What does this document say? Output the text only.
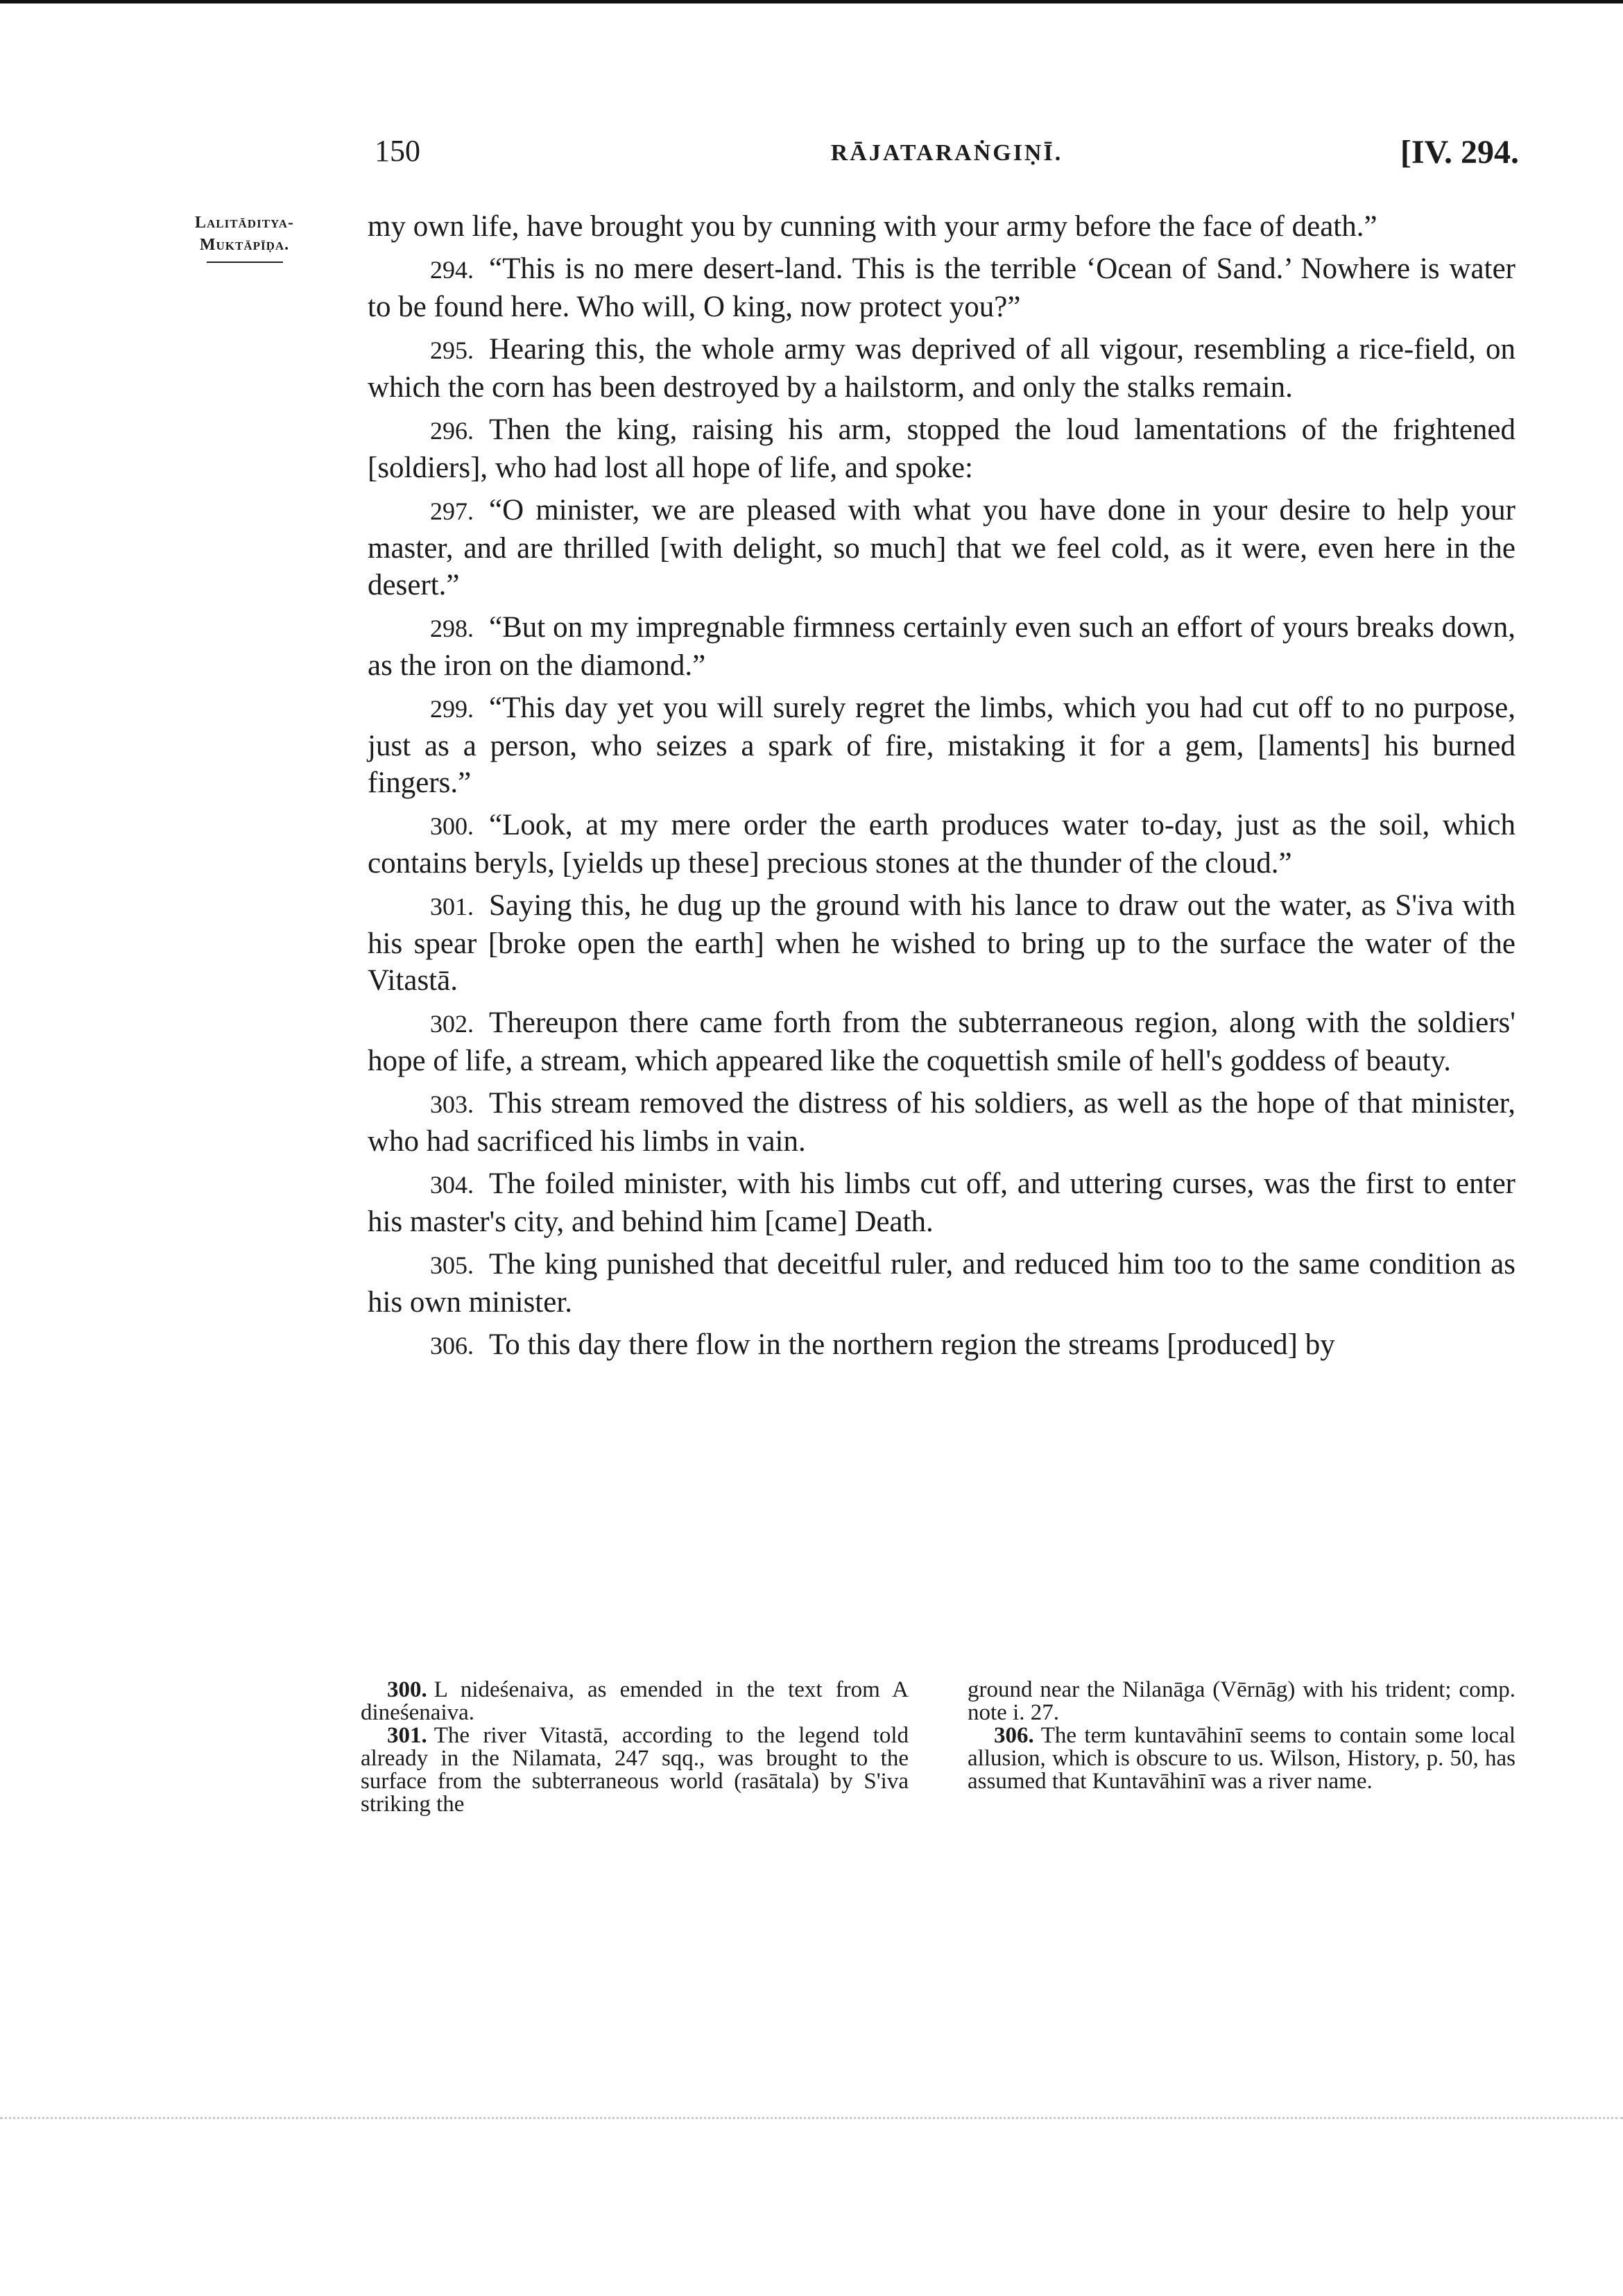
150	RĀJATARAṄGIṆĪ.	[IV. 294.
Lalitāditya-
Muktāpīḍa.

my own life, have brought you by cunning with your army before the face of death.”

294. “This is no mere desert-land. This is the terrible ‘Ocean of Sand.’ Nowhere is water to be found here. Who will, O king, now protect you?”

295. Hearing this, the whole army was deprived of all vigour, resembling a rice-field, on which the corn has been destroyed by a hailstorm, and only the stalks remain.

296. Then the king, raising his arm, stopped the loud lamentations of the frightened [soldiers], who had lost all hope of life, and spoke:

297. “O minister, we are pleased with what you have done in your desire to help your master, and are thrilled [with delight, so much] that we feel cold, as it were, even here in the desert.”

298. “But on my impregnable firmness certainly even such an effort of yours breaks down, as the iron on the diamond.”

299. “This day yet you will surely regret the limbs, which you had cut off to no purpose, just as a person, who seizes a spark of fire, mistaking it for a gem, [laments] his burned fingers.”

300. “Look, at my mere order the earth produces water to-day, just as the soil, which contains beryls, [yields up these] precious stones at the thunder of the cloud.”

301. Saying this, he dug up the ground with his lance to draw out the water, as S'iva with his spear [broke open the earth] when he wished to bring up to the surface the water of the Vitastā.

302. Thereupon there came forth from the subterraneous region, along with the soldiers' hope of life, a stream, which appeared like the coquettish smile of hell's goddess of beauty.

303. This stream removed the distress of his soldiers, as well as the hope of that minister, who had sacrificed his limbs in vain.

304. The foiled minister, with his limbs cut off, and uttering curses, was the first to enter his master's city, and behind him [came] Death.

305. The king punished that deceitful ruler, and reduced him too to the same condition as his own minister.

306. To this day there flow in the northern region the streams [produced] by

300. L nideśenaiva, as emended in the text from A dineśenaiva.

301. The river Vitastā, according to the legend told already in the Nilamata, 247 sqq., was brought to the surface from the subterraneous world (rasātala) by S'iva striking the

ground near the Nilanāga (Vērnāg) with his trident; comp. note i. 27.

306. The term kuntavāhinī seems to contain some local allusion, which is obscure to us. Wilson, History, p. 50, has assumed that Kuntavāhinī was a river name.
